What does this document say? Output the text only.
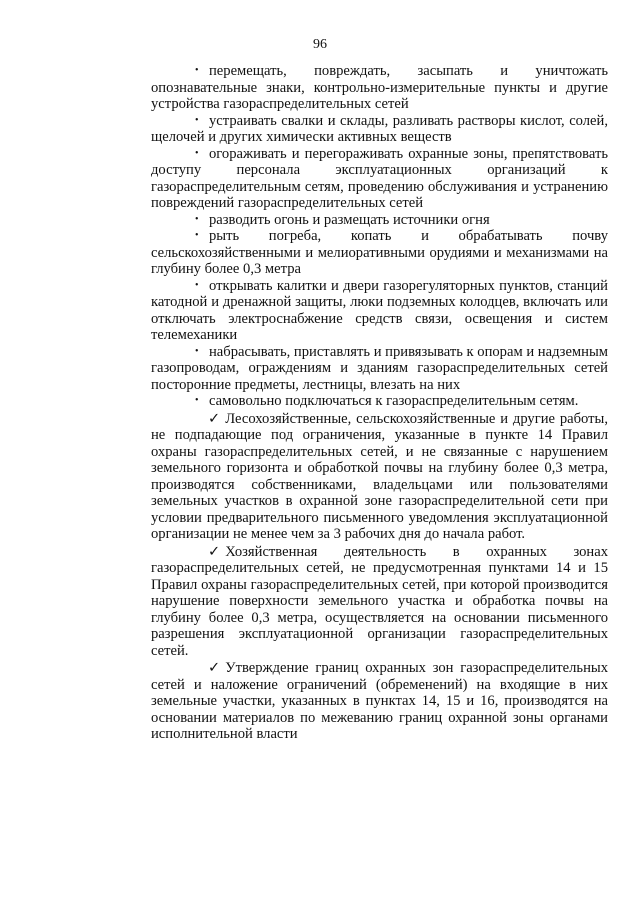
96

• перемещать, повреждать, засыпать и уничтожать опознавательные знаки, контрольно-измерительные пункты и другие устройства газораспределительных сетей

• устраивать свалки и склады, разливать растворы кислот, солей, щелочей и других химически активных веществ

• огораживать и перегораживать охранные зоны, препятствовать доступу персонала эксплуатационных организаций к газораспределительным сетям, проведению обслуживания и устранению повреждений газораспределительных сетей

• разводить огонь и размещать источники огня

• рыть погреба, копать и обрабатывать почву сельскохозяйственными и мелиоративными орудиями и механизмами на глубину более 0,3 метра

• открывать калитки и двери газорегуляторных пунктов, станций катодной и дренажной защиты, люки подземных колодцев, включать или отключать электроснабжение средств связи, освещения и систем телемеханики

• набрасывать, приставлять и привязывать к опорам и надземным газопроводам, ограждениям и зданиям газораспределительных сетей посторонние предметы, лестницы, влезать на них

• самовольно подключаться к газораспределительным сетям.

✓ Лесохозяйственные, сельскохозяйственные и другие работы, не подпадающие под ограничения, указанные в пункте 14 Правил охраны газораспределительных сетей, и не связанные с нарушением земельного горизонта и обработкой почвы на глубину более 0,3 метра, производятся собственниками, владельцами или пользователями земельных участков в охранной зоне газораспределительной сети при условии предварительного письменного уведомления эксплуатационной организации не менее чем за 3 рабочих дня до начала работ.

✓ Хозяйственная деятельность в охранных зонах газораспределительных сетей, не предусмотренная пунктами 14 и 15 Правил охраны газораспределительных сетей, при которой производится нарушение поверхности земельного участка и обработка почвы на глубину более 0,3 метра, осуществляется на основании письменного разрешения эксплуатационной организации газораспределительных сетей.

✓ Утверждение границ охранных зон газораспределительных сетей и наложение ограничений (обременений) на входящие в них земельные участки, указанных в пунктах 14, 15 и 16, производятся на основании материалов по межеванию границ охранной зоны органами исполнительной власти
